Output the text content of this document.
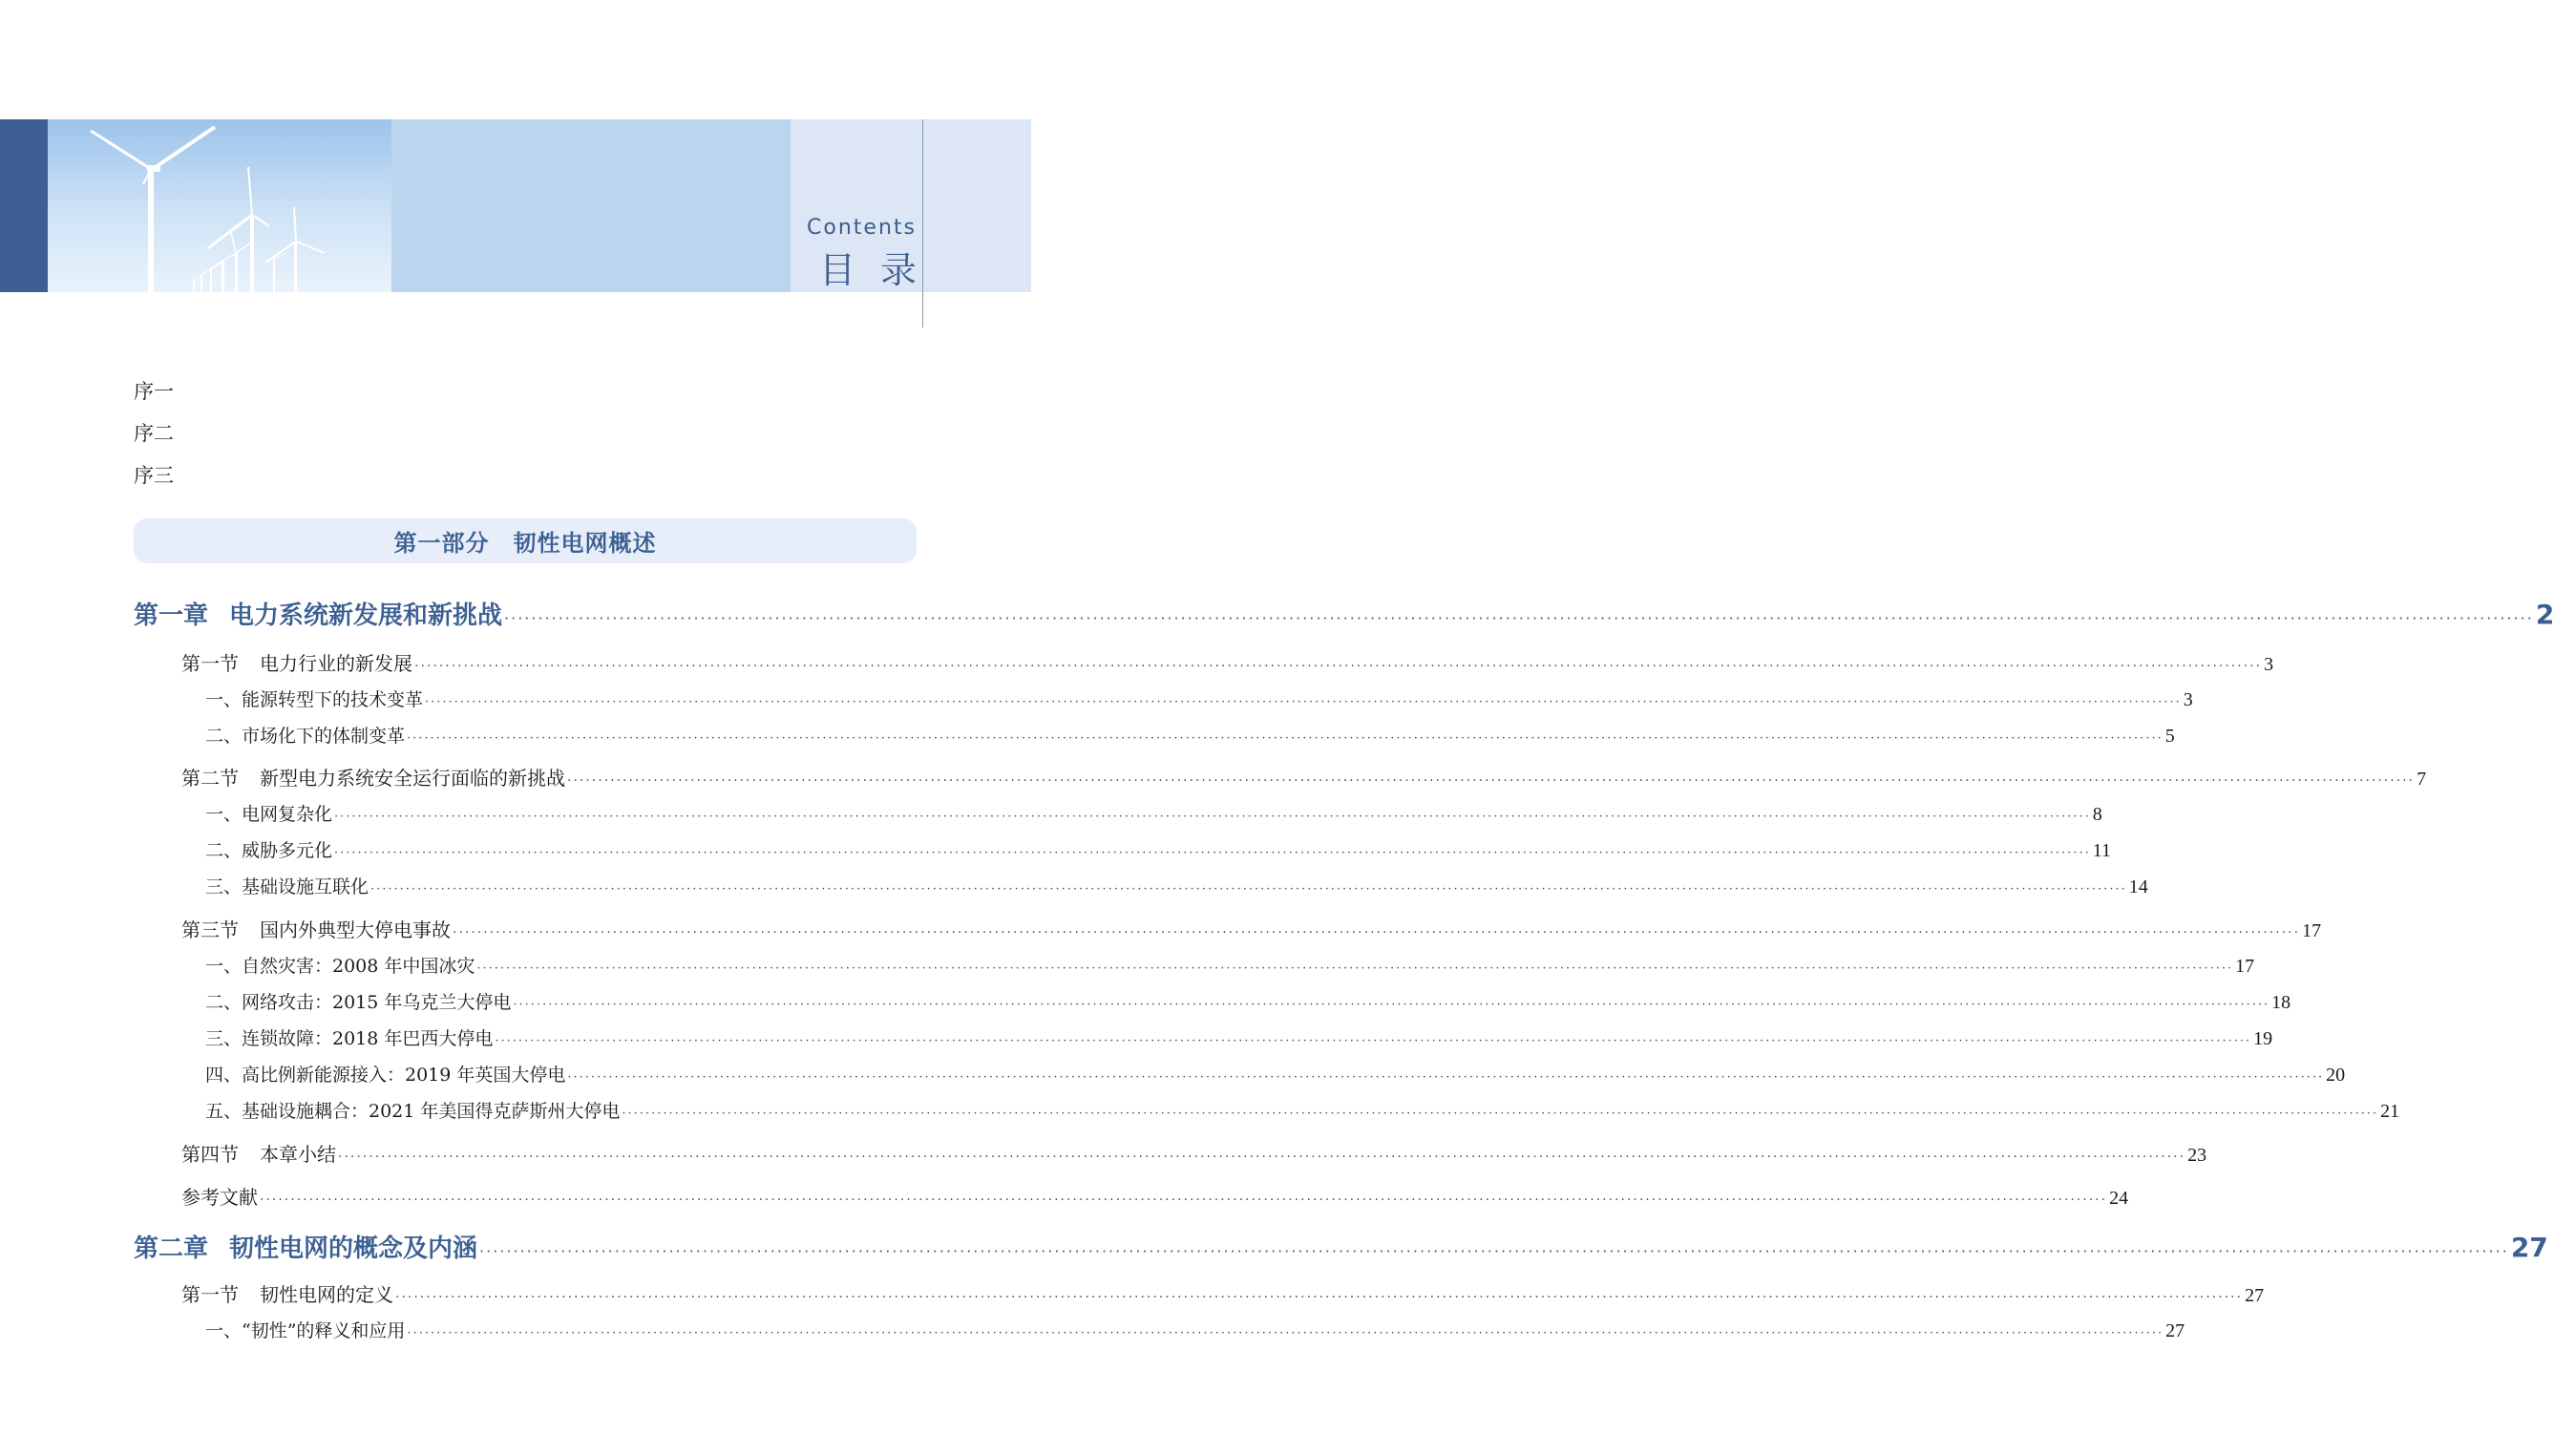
Contents
目录
序一
序二
序三
第一部分　韧性电网概述
第一章 电力系统新发展和新挑战 ············································································································································································································································································································ 2
第一节 电力行业的新发展 ············································································································································································································································································································ 3
一、能源转型下的技术变革 ············································································································································································································································································································ 3
二、市场化下的体制变革 ············································································································································································································································································································ 5
第二节 新型电力系统安全运行面临的新挑战 ············································································································································································································································································································ 7
一、电网复杂化 ············································································································································································································································································································ 8
二、威胁多元化 ············································································································································································································································································································ 11
三、基础设施互联化 ············································································································································································································································································································ 14
第三节 国内外典型大停电事故 ············································································································································································································································································································ 17
一、自然灾害：2008 年中国冰灾 ············································································································································································································································································································ 17
二、网络攻击：2015 年乌克兰大停电 ············································································································································································································································································································ 18
三、连锁故障：2018 年巴西大停电 ············································································································································································································································································································ 19
四、高比例新能源接入：2019 年英国大停电 ············································································································································································································································································································ 20
五、基础设施耦合：2021 年美国得克萨斯州大停电 ············································································································································································································································································································ 21
第四节 本章小结 ············································································································································································································································································································ 23
参考文献 ············································································································································································································································································································ 24
第二章 韧性电网的概念及内涵 ············································································································································································································································································································ 27
第一节 韧性电网的定义 ············································································································································································································································································································ 27
一、“韧性”的释义和应用 ············································································································································································································································································································ 27
